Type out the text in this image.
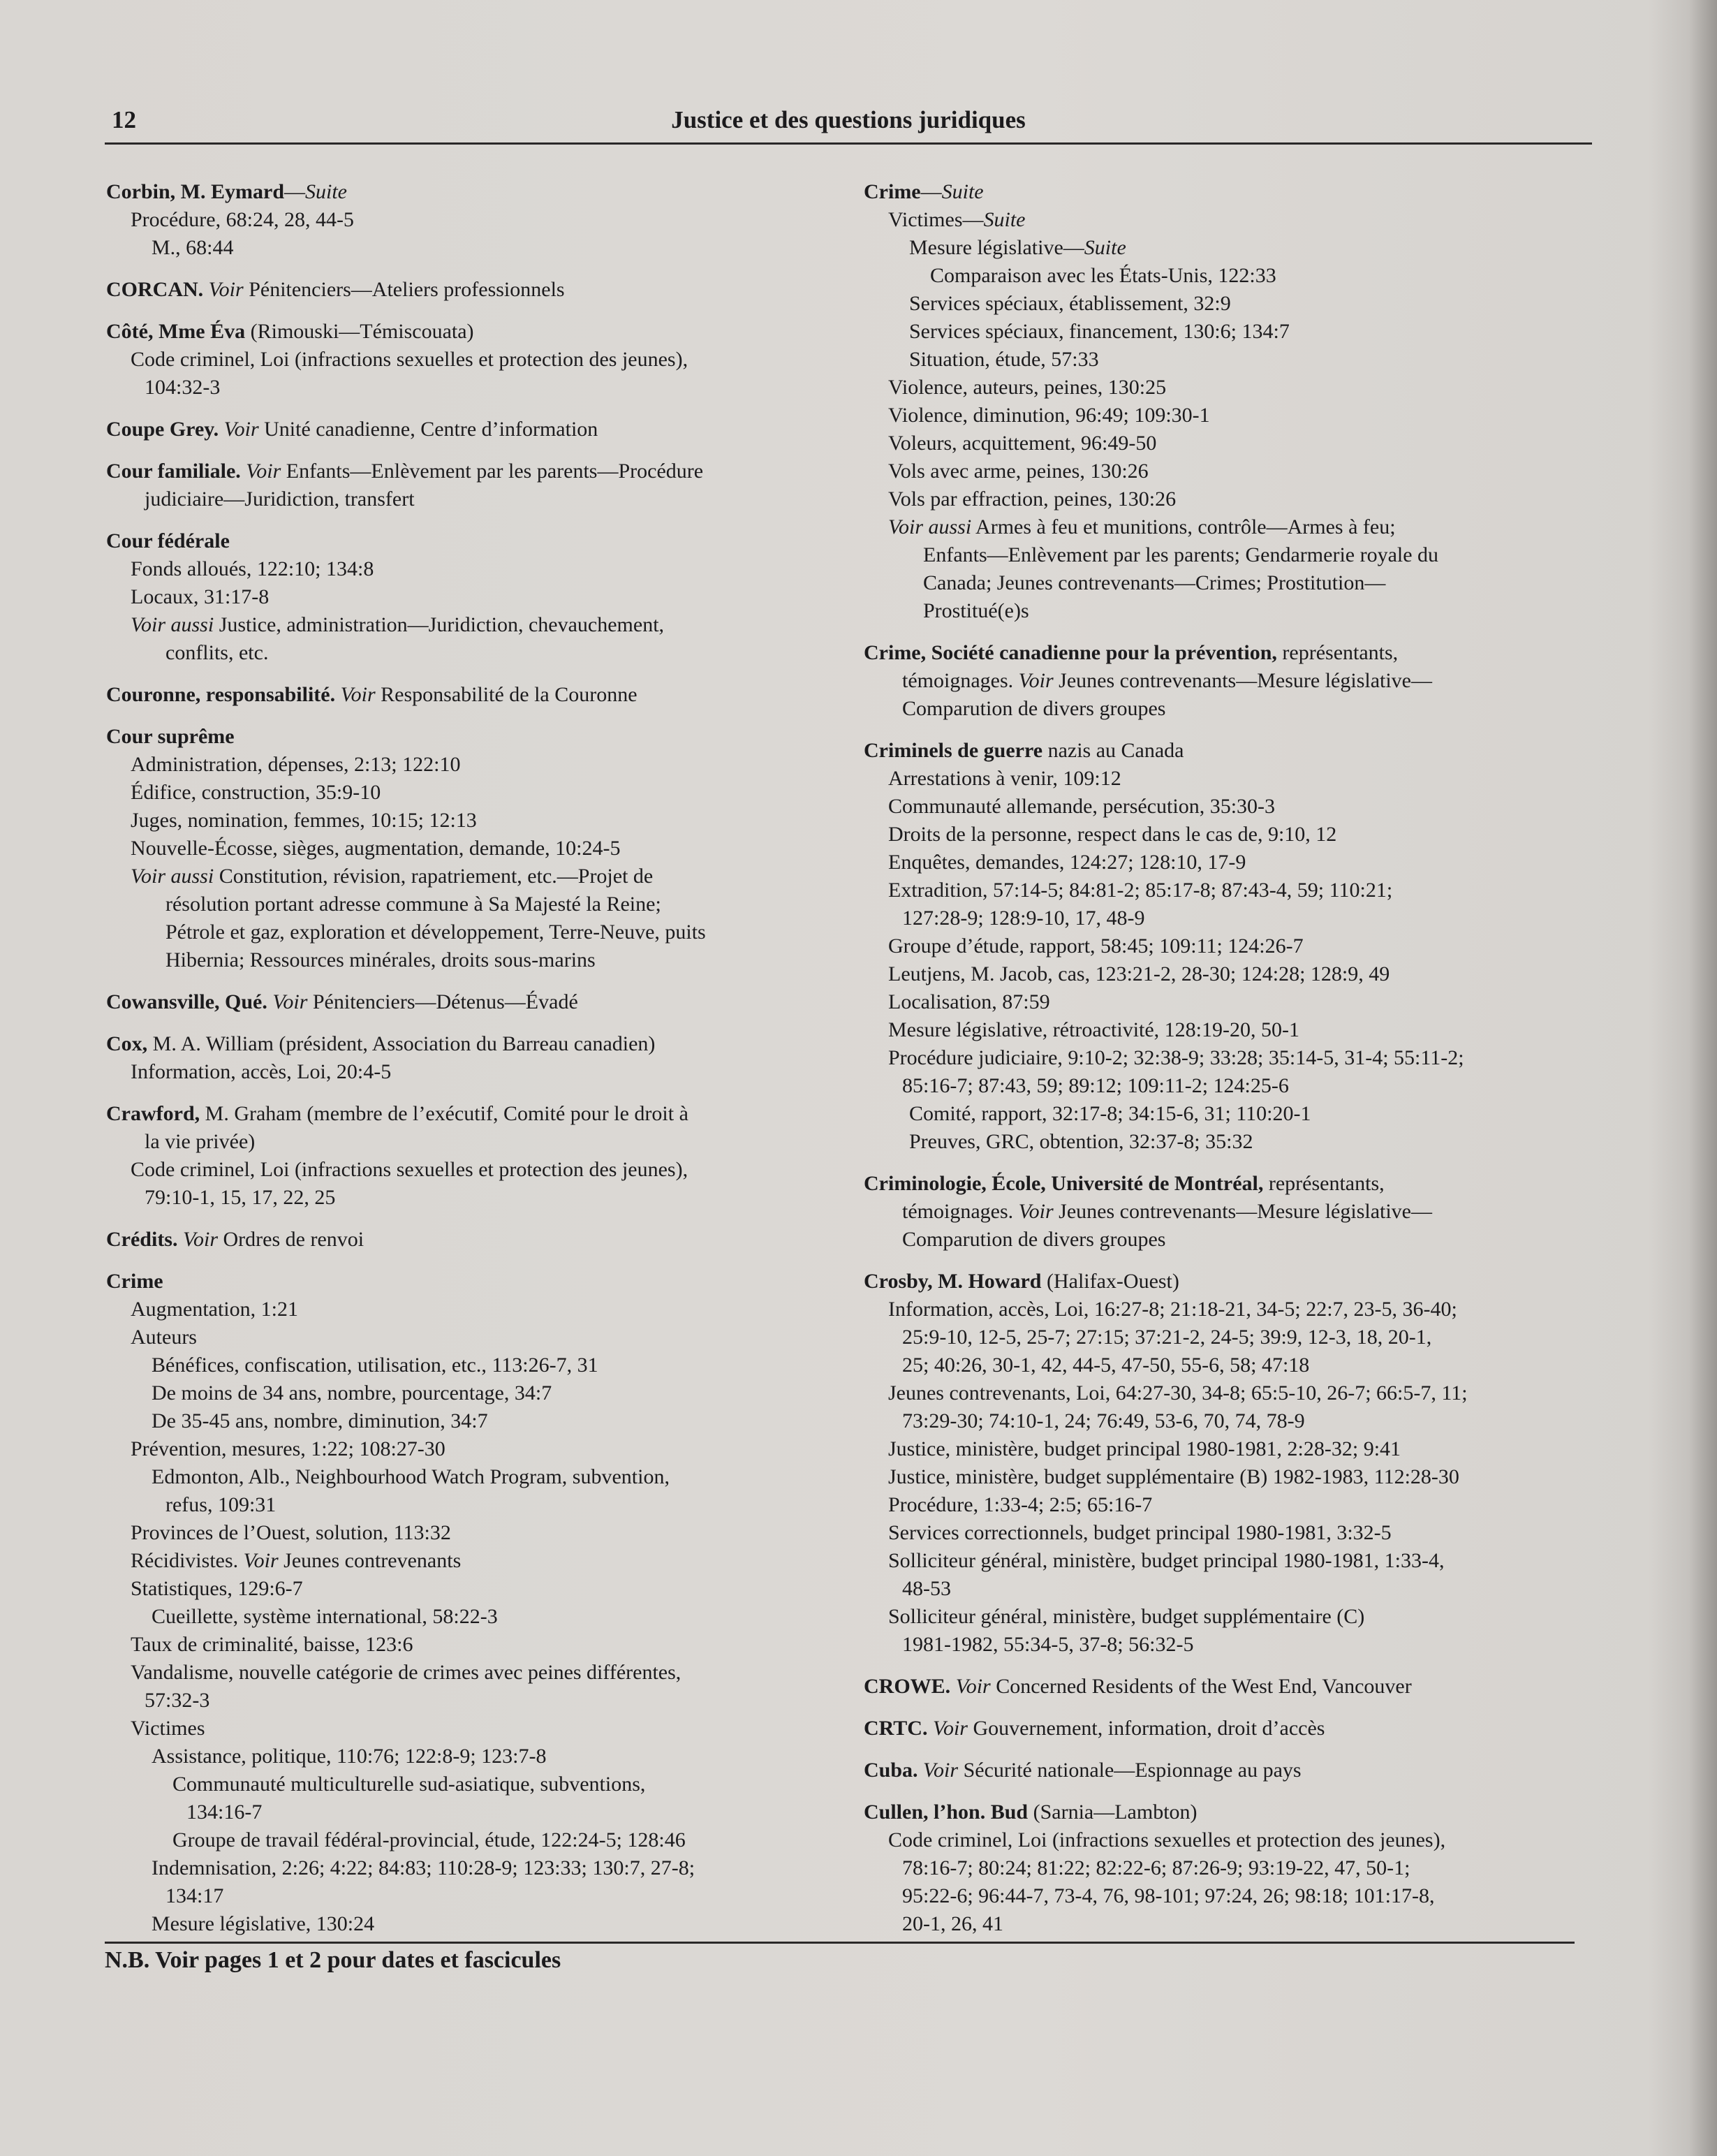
12	Justice et des questions juridiques
Corbin, M. Eymard—Suite
Procédure, 68:24, 28, 44-5
M., 68:44
CORCAN. Voir Pénitenciers—Ateliers professionnels
Côté, Mme Éva (Rimouski—Témiscouata)
Code criminel, Loi (infractions sexuelles et protection des jeunes),
104:32-3
Coupe Grey. Voir Unité canadienne, Centre d’information
Cour familiale. Voir Enfants—Enlèvement par les parents—Procédure
judiciaire—Juridiction, transfert
Cour fédérale
Fonds alloués, 122:10; 134:8
Locaux, 31:17-8
Voir aussi Justice, administration—Juridiction, chevauchement,
conflits, etc.
Couronne, responsabilité. Voir Responsabilité de la Couronne
Cour suprême
Administration, dépenses, 2:13; 122:10
Édifice, construction, 35:9-10
Juges, nomination, femmes, 10:15; 12:13
Nouvelle-Écosse, sièges, augmentation, demande, 10:24-5
Voir aussi Constitution, révision, rapatriement, etc.—Projet de
résolution portant adresse commune à Sa Majesté la Reine;
Pétrole et gaz, exploration et développement, Terre-Neuve, puits
Hibernia; Ressources minérales, droits sous-marins
Cowansville, Qué. Voir Pénitenciers—Détenus—Évadé
Cox, M. A. William (président, Association du Barreau canadien)
Information, accès, Loi, 20:4-5
Crawford, M. Graham (membre de l’exécutif, Comité pour le droit à
la vie privée)
Code criminel, Loi (infractions sexuelles et protection des jeunes),
79:10-1, 15, 17, 22, 25
Crédits. Voir Ordres de renvoi
Crime
Augmentation, 1:21
Auteurs
Bénéfices, confiscation, utilisation, etc., 113:26-7, 31
De moins de 34 ans, nombre, pourcentage, 34:7
De 35-45 ans, nombre, diminution, 34:7
Prévention, mesures, 1:22; 108:27-30
Edmonton, Alb., Neighbourhood Watch Program, subvention,
refus, 109:31
Provinces de l’Ouest, solution, 113:32
Récidivistes. Voir Jeunes contrevenants
Statistiques, 129:6-7
Cueillette, système international, 58:22-3
Taux de criminalité, baisse, 123:6
Vandalisme, nouvelle catégorie de crimes avec peines différentes,
57:32-3
Victimes
Assistance, politique, 110:76; 122:8-9; 123:7-8
Communauté multiculturelle sud-asiatique, subventions,
134:16-7
Groupe de travail fédéral-provincial, étude, 122:24-5; 128:46
Indemnisation, 2:26; 4:22; 84:83; 110:28-9; 123:33; 130:7, 27-8;
134:17
Mesure législative, 130:24
Crime—Suite
Victimes—Suite
Mesure législative—Suite
Comparaison avec les États-Unis, 122:33
Services spéciaux, établissement, 32:9
Services spéciaux, financement, 130:6; 134:7
Situation, étude, 57:33
Violence, auteurs, peines, 130:25
Violence, diminution, 96:49; 109:30-1
Voleurs, acquittement, 96:49-50
Vols avec arme, peines, 130:26
Vols par effraction, peines, 130:26
Voir aussi Armes à feu et munitions, contrôle—Armes à feu;
Enfants—Enlèvement par les parents; Gendarmerie royale du
Canada; Jeunes contrevenants—Crimes; Prostitution—
Prostitué(e)s
Crime, Société canadienne pour la prévention, représentants,
témoignages. Voir Jeunes contrevenants—Mesure législative—
Comparution de divers groupes
Criminels de guerre nazis au Canada
Arrestations à venir, 109:12
Communauté allemande, persécution, 35:30-3
Droits de la personne, respect dans le cas de, 9:10, 12
Enquêtes, demandes, 124:27; 128:10, 17-9
Extradition, 57:14-5; 84:81-2; 85:17-8; 87:43-4, 59; 110:21;
127:28-9; 128:9-10, 17, 48-9
Groupe d’étude, rapport, 58:45; 109:11; 124:26-7
Leutjens, M. Jacob, cas, 123:21-2, 28-30; 124:28; 128:9, 49
Localisation, 87:59
Mesure législative, rétroactivité, 128:19-20, 50-1
Procédure judiciaire, 9:10-2; 32:38-9; 33:28; 35:14-5, 31-4; 55:11-2;
85:16-7; 87:43, 59; 89:12; 109:11-2; 124:25-6
Comité, rapport, 32:17-8; 34:15-6, 31; 110:20-1
Preuves, GRC, obtention, 32:37-8; 35:32
Criminologie, École, Université de Montréal, représentants,
témoignages. Voir Jeunes contrevenants—Mesure législative—
Comparution de divers groupes
Crosby, M. Howard (Halifax-Ouest)
Information, accès, Loi, 16:27-8; 21:18-21, 34-5; 22:7, 23-5, 36-40;
25:9-10, 12-5, 25-7; 27:15; 37:21-2, 24-5; 39:9, 12-3, 18, 20-1,
25; 40:26, 30-1, 42, 44-5, 47-50, 55-6, 58; 47:18
Jeunes contrevenants, Loi, 64:27-30, 34-8; 65:5-10, 26-7; 66:5-7, 11;
73:29-30; 74:10-1, 24; 76:49, 53-6, 70, 74, 78-9
Justice, ministère, budget principal 1980-1981, 2:28-32; 9:41
Justice, ministère, budget supplémentaire (B) 1982-1983, 112:28-30
Procédure, 1:33-4; 2:5; 65:16-7
Services correctionnels, budget principal 1980-1981, 3:32-5
Solliciteur général, ministère, budget principal 1980-1981, 1:33-4,
48-53
Solliciteur général, ministère, budget supplémentaire (C)
1981-1982, 55:34-5, 37-8; 56:32-5
CROWE. Voir Concerned Residents of the West End, Vancouver
CRTC. Voir Gouvernement, information, droit d’accès
Cuba. Voir Sécurité nationale—Espionnage au pays
Cullen, l’hon. Bud (Sarnia—Lambton)
Code criminel, Loi (infractions sexuelles et protection des jeunes),
78:16-7; 80:24; 81:22; 82:22-6; 87:26-9; 93:19-22, 47, 50-1;
95:22-6; 96:44-7, 73-4, 76, 98-101; 97:24, 26; 98:18; 101:17-8,
20-1, 26, 41
N.B. Voir pages 1 et 2 pour dates et fascicules
